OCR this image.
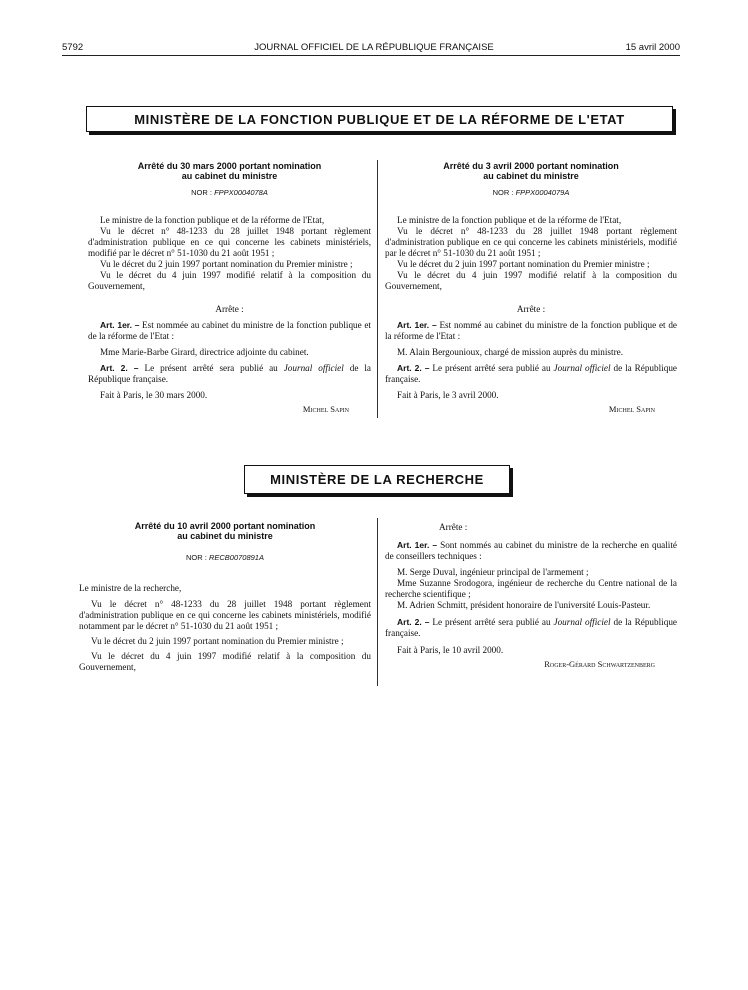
5792	JOURNAL OFFICIEL DE LA RÉPUBLIQUE FRANÇAISE	15 avril 2000
MINISTÈRE DE LA FONCTION PUBLIQUE ET DE LA RÉFORME DE L'ETAT
Arrêté du 30 mars 2000 portant nomination
au cabinet du ministre
NOR : FPPX0004078A

Le ministre de la fonction publique et de la réforme de l'Etat,

Vu le décret n° 48-1233 du 28 juillet 1948 portant règlement d'administration publique en ce qui concerne les cabinets ministériels, modifié par le décret n° 51-1030 du 21 août 1951 ;

Vu le décret du 2 juin 1997 portant nomination du Premier ministre ;

Vu le décret du 4 juin 1997 modifié relatif à la composition du Gouvernement,

Arrête :

Art. 1er. – Est nommée au cabinet du ministre de la fonction publique et de la réforme de l'Etat :

Mme Marie-Barbe Girard, directrice adjointe du cabinet.

Art. 2. – Le présent arrêté sera publié au Journal officiel de la République française.

Fait à Paris, le 30 mars 2000.

Michel Sapin

Arrêté du 3 avril 2000 portant nomination
au cabinet du ministre
NOR : FPPX0004079A

Le ministre de la fonction publique et de la réforme de l'Etat,

Vu le décret n° 48-1233 du 28 juillet 1948 portant règlement d'administration publique en ce qui concerne les cabinets ministériels, modifié par le décret n° 51-1030 du 21 août 1951 ;

Vu le décret du 2 juin 1997 portant nomination du Premier ministre ;

Vu le décret du 4 juin 1997 modifié relatif à la composition du Gouvernement,

Arrête :

Art. 1er. – Est nommé au cabinet du ministre de la fonction publique et de la réforme de l'Etat :

M. Alain Bergounioux, chargé de mission auprès du ministre.

Art. 2. – Le présent arrêté sera publié au Journal officiel de la République française.

Fait à Paris, le 3 avril 2000.

Michel Sapin

MINISTÈRE DE LA RECHERCHE
Arrêté du 10 avril 2000 portant nomination
au cabinet du ministre
NOR : RECB0070891A

Le ministre de la recherche,

Vu le décret n° 48-1233 du 28 juillet 1948 portant règlement d'administration publique en ce qui concerne les cabinets ministériels, modifié notamment par le décret n° 51-1030 du 21 août 1951 ;

Vu le décret du 2 juin 1997 portant nomination du Premier ministre ;

Vu le décret du 4 juin 1997 modifié relatif à la composition du Gouvernement,

Arrête :

Art. 1er. – Sont nommés au cabinet du ministre de la recherche en qualité de conseillers techniques :

M. Serge Duval, ingénieur principal de l'armement ;

Mme Suzanne Srodogora, ingénieur de recherche du Centre national de la recherche scientifique ;

M. Adrien Schmitt, président honoraire de l'université Louis-Pasteur.

Art. 2. – Le présent arrêté sera publié au Journal officiel de la République française.

Fait à Paris, le 10 avril 2000.

Roger-Gérard Schwartzenberg
